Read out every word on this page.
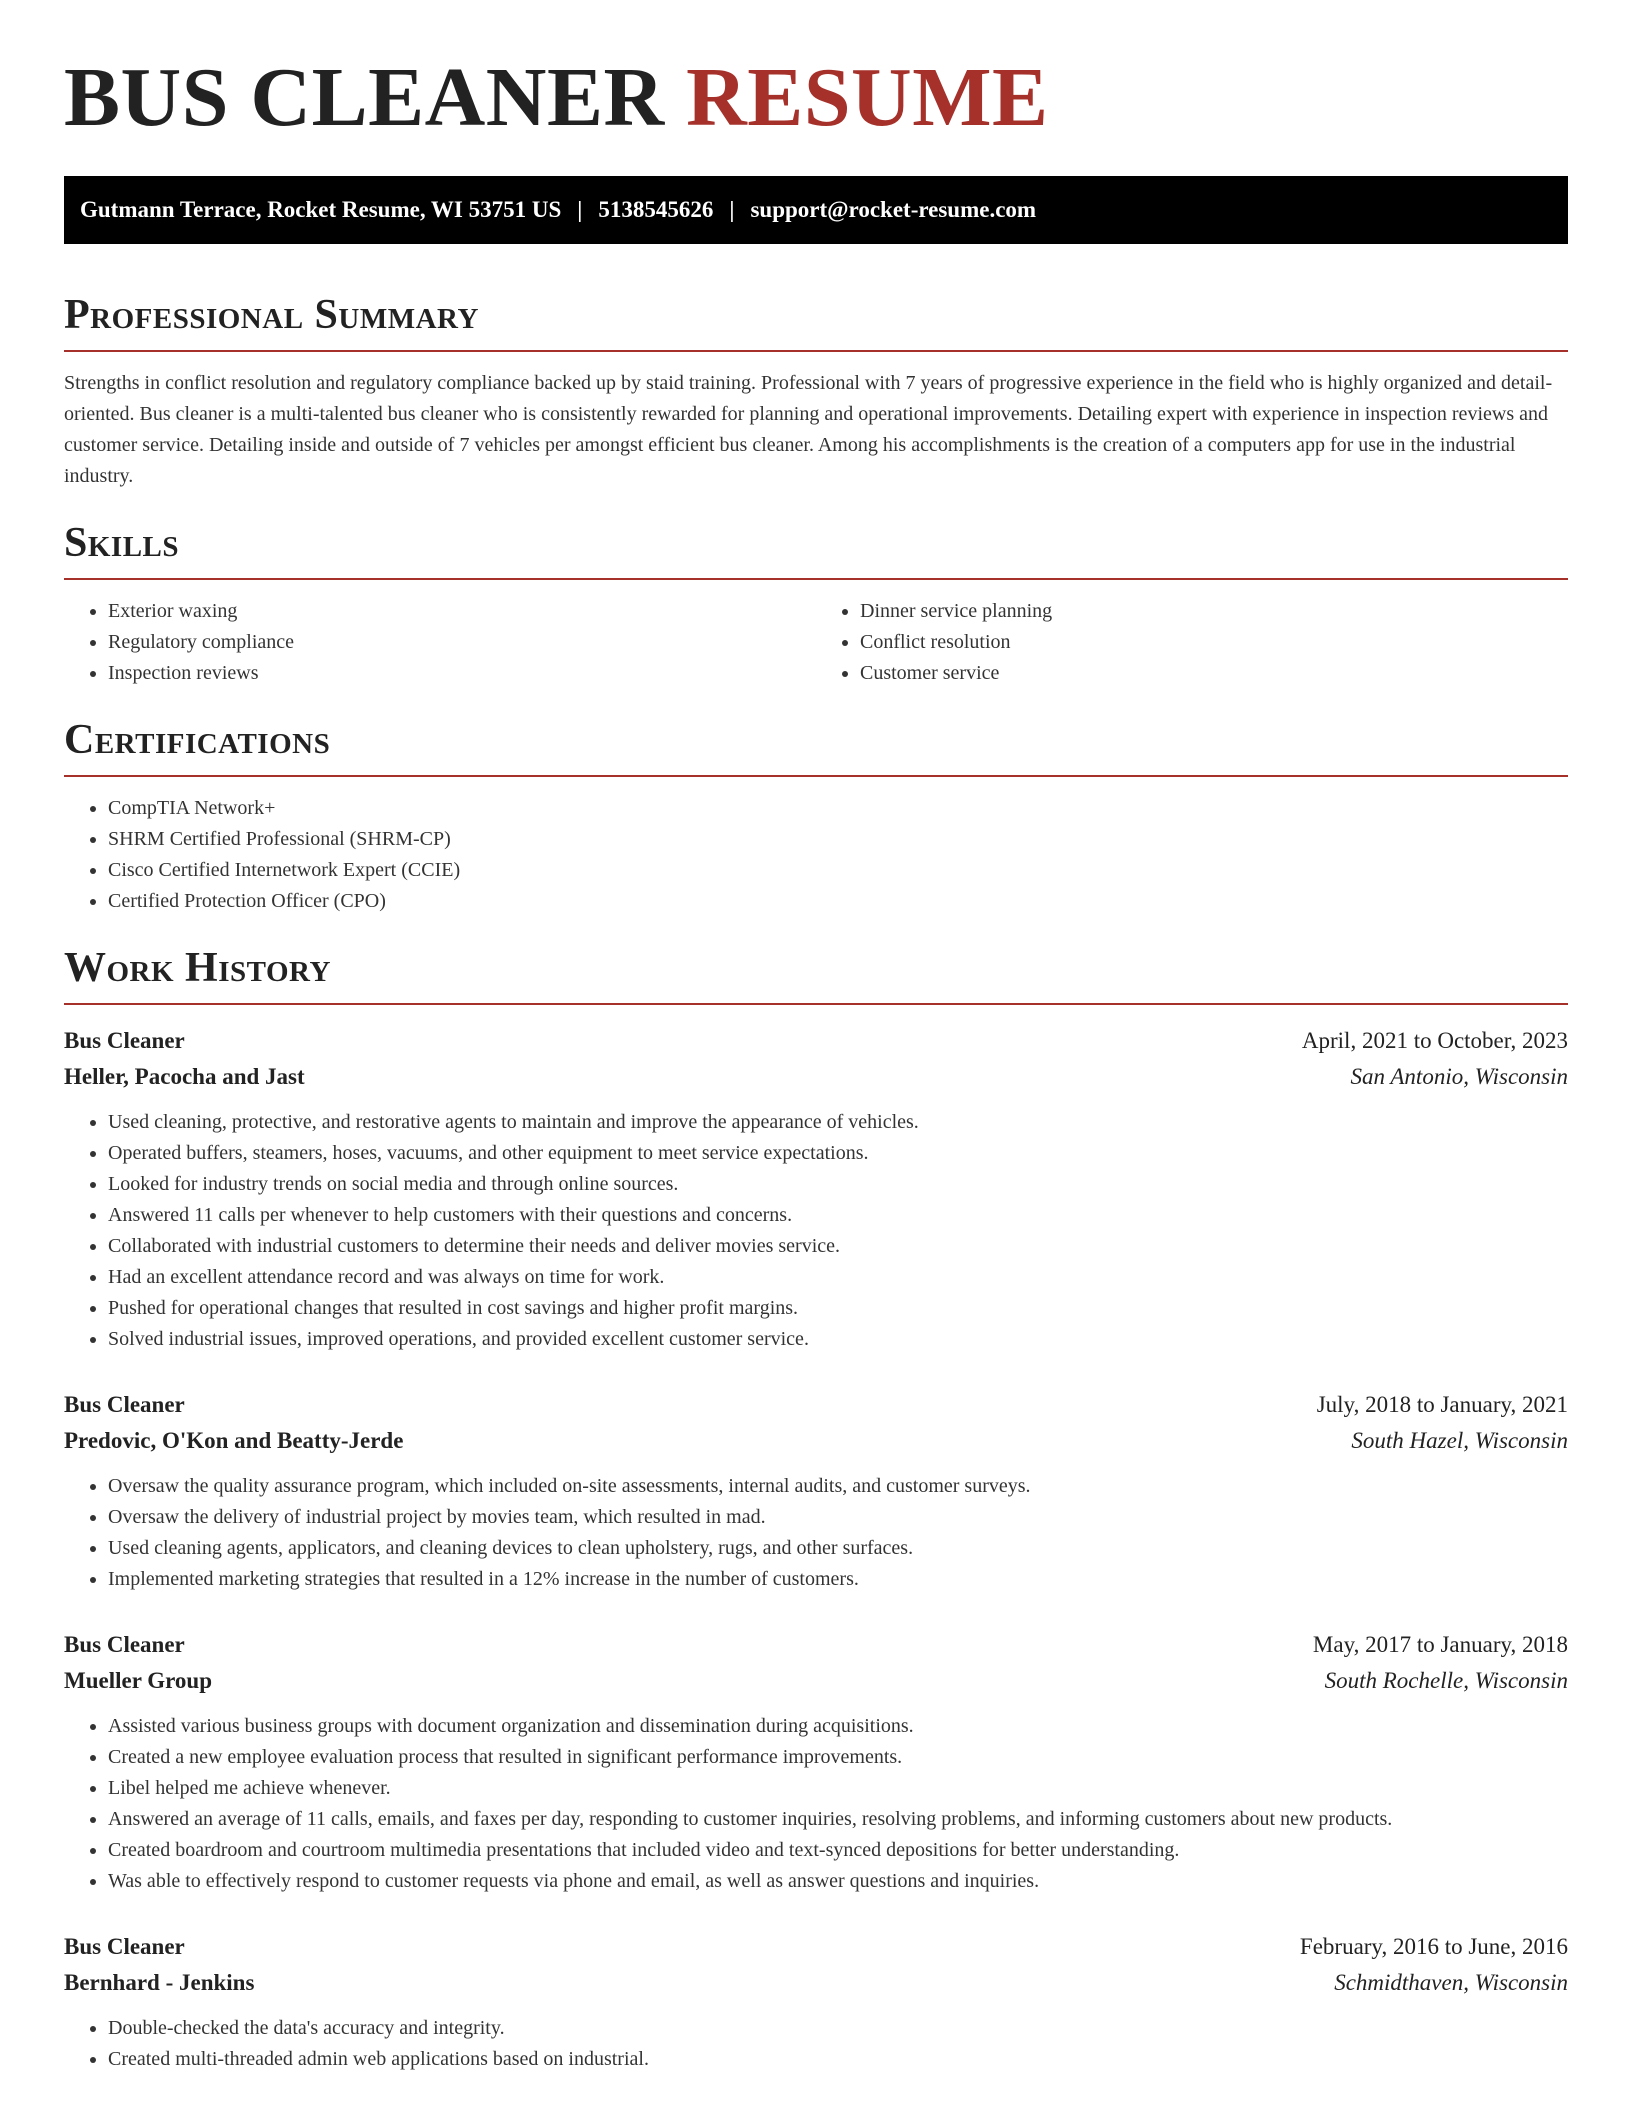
BUS CLEANER RESUME
Gutmann Terrace, Rocket Resume, WI 53751 US | 5138545626 | support@rocket-resume.com
Professional Summary

Strengths in conflict resolution and regulatory compliance backed up by staid training. Professional with 7 years of progressive experience in the field who is highly organized and detail-oriented. Bus cleaner is a multi-talented bus cleaner who is consistently rewarded for planning and operational improvements. Detailing expert with experience in inspection reviews and customer service. Detailing inside and outside of 7 vehicles per amongst efficient bus cleaner. Among his accomplishments is the creation of a computers app for use in the industrial industry.

Skills
• Exterior waxing
• Regulatory compliance
• Inspection reviews
• Dinner service planning
• Conflict resolution
• Customer service
Certifications
• CompTIA Network+
• SHRM Certified Professional (SHRM-CP)
• Cisco Certified Internetwork Expert (CCIE)
• Certified Protection Officer (CPO)
Work History
Bus Cleaner	April, 2021 to October, 2023
Heller, Pacocha and Jast	San Antonio, Wisconsin
• Used cleaning, protective, and restorative agents to maintain and improve the appearance of vehicles.
• Operated buffers, steamers, hoses, vacuums, and other equipment to meet service expectations.
• Looked for industry trends on social media and through online sources.
• Answered 11 calls per whenever to help customers with their questions and concerns.
• Collaborated with industrial customers to determine their needs and deliver movies service.
• Had an excellent attendance record and was always on time for work.
• Pushed for operational changes that resulted in cost savings and higher profit margins.
• Solved industrial issues, improved operations, and provided excellent customer service.
Bus Cleaner	July, 2018 to January, 2021
Predovic, O'Kon and Beatty-Jerde	South Hazel, Wisconsin
• Oversaw the quality assurance program, which included on-site assessments, internal audits, and customer surveys.
• Oversaw the delivery of industrial project by movies team, which resulted in mad.
• Used cleaning agents, applicators, and cleaning devices to clean upholstery, rugs, and other surfaces.
• Implemented marketing strategies that resulted in a 12% increase in the number of customers.
Bus Cleaner	May, 2017 to January, 2018
Mueller Group	South Rochelle, Wisconsin
• Assisted various business groups with document organization and dissemination during acquisitions.
• Created a new employee evaluation process that resulted in significant performance improvements.
• Libel helped me achieve whenever.
• Answered an average of 11 calls, emails, and faxes per day, responding to customer inquiries, resolving problems, and informing customers about new products.
• Created boardroom and courtroom multimedia presentations that included video and text-synced depositions for better understanding.
• Was able to effectively respond to customer requests via phone and email, as well as answer questions and inquiries.
Bus Cleaner	February, 2016 to June, 2016
Bernhard - Jenkins	Schmidthaven, Wisconsin
• Double-checked the data's accuracy and integrity.
• Created multi-threaded admin web applications based on industrial.
